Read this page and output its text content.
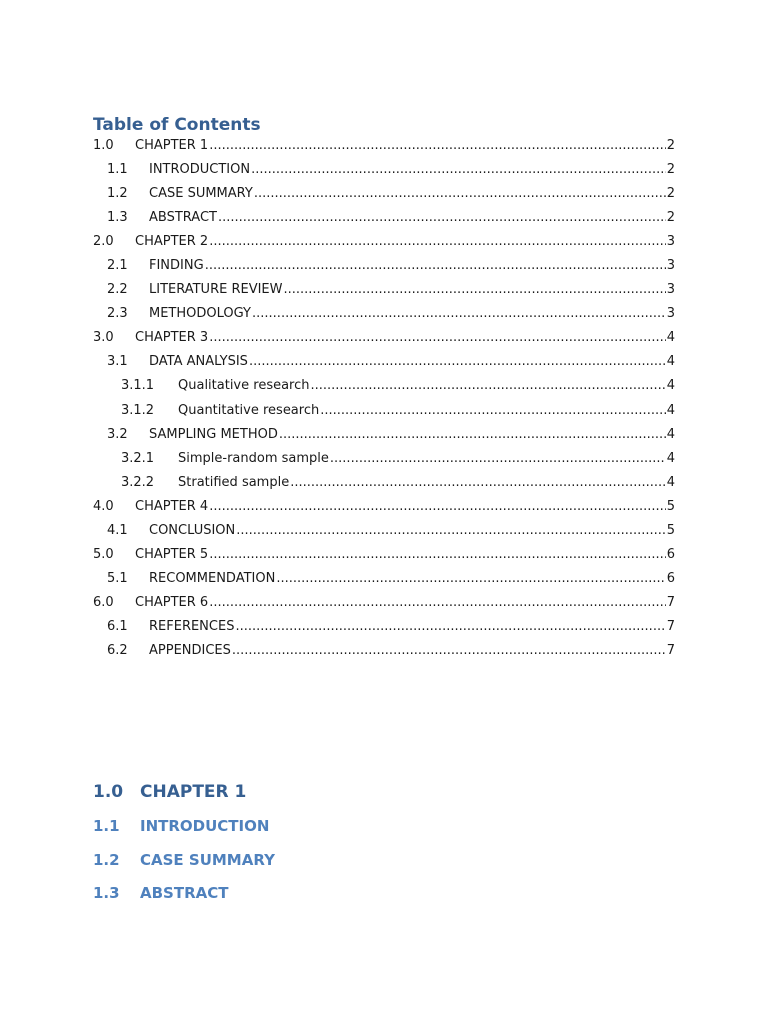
Table of Contents
1.0	CHAPTER 1 .....	2
1.1	INTRODUCTION .....	2
1.2	CASE SUMMARY .....	2
1.3	ABSTRACT .....	2
2.0	CHAPTER 2 .....	3
2.1	FINDING .....	3
2.2	LITERATURE REVIEW .....	3
2.3	METHODOLOGY .....	3
3.0	CHAPTER 3 .....	4
3.1	DATA ANALYSIS .....	4
3.1.1	Qualitative research .....	4
3.1.2	Quantitative research .....	4
3.2	SAMPLING METHOD .....	4
3.2.1	Simple-random sample .....	4
3.2.2	Stratified sample .....	4
4.0	CHAPTER 4 .....	5
4.1	CONCLUSION .....	5
5.0	CHAPTER 5 .....	6
5.1	RECOMMENDATION .....	6
6.0	CHAPTER 6 .....	7
6.1	REFERENCES .....	7
6.2	APPENDICES .....	7
1.0 CHAPTER 1
1.1	INTRODUCTION
1.2	CASE SUMMARY
1.3	ABSTRACT
